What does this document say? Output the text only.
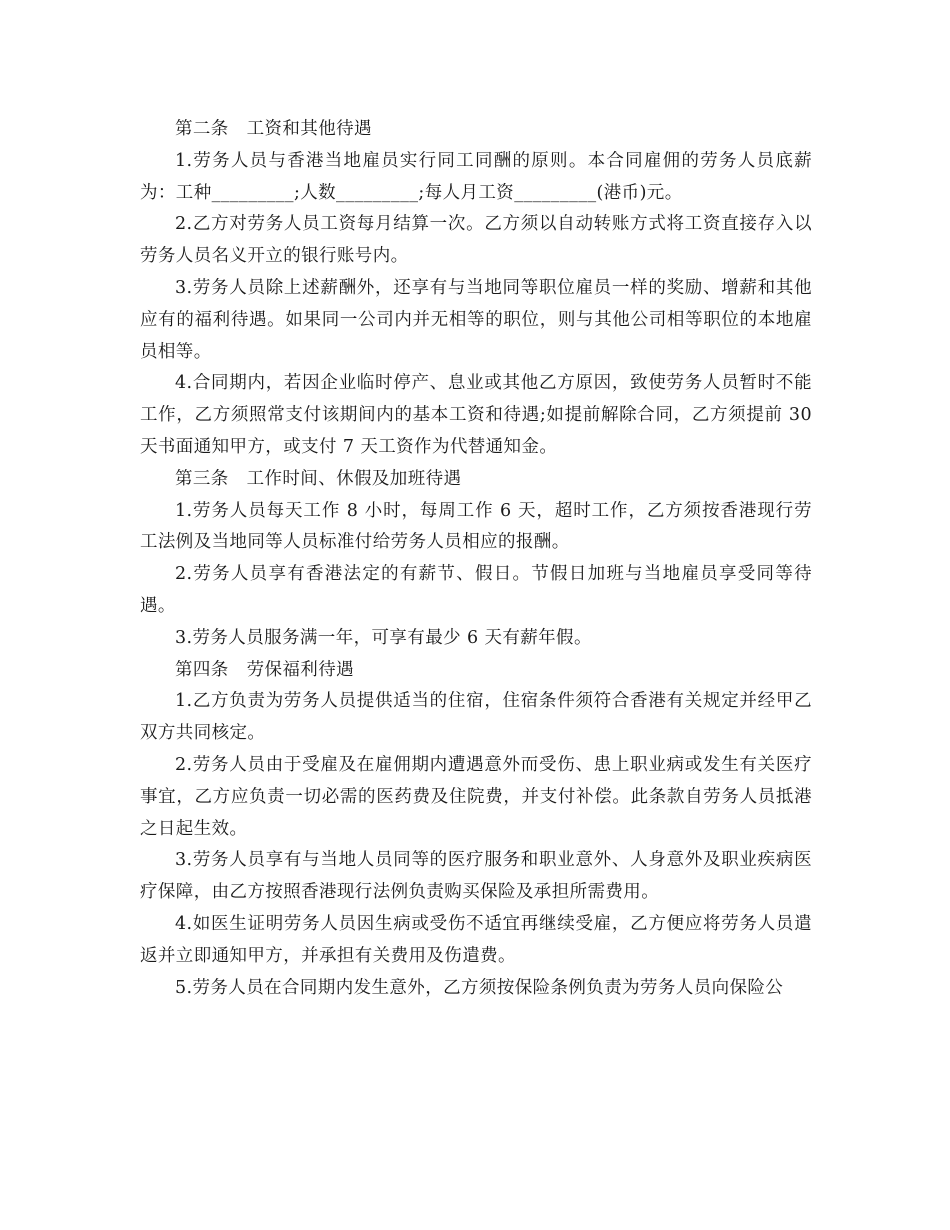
第二条　工资和其他待遇

1.劳务人员与香港当地雇员实行同工同酬的原则。本合同雇佣的劳务人员底薪为：工种_________;人数_________;每人月工资_________(港币)元。

2.乙方对劳务人员工资每月结算一次。乙方须以自动转账方式将工资直接存入以劳务人员名义开立的银行账号内。

3.劳务人员除上述薪酬外，还享有与当地同等职位雇员一样的奖励、增薪和其他应有的福利待遇。如果同一公司内并无相等的职位，则与其他公司相等职位的本地雇员相等。

4.合同期内，若因企业临时停产、息业或其他乙方原因，致使劳务人员暂时不能工作，乙方须照常支付该期间内的基本工资和待遇;如提前解除合同，乙方须提前 30 天书面通知甲方，或支付 7 天工资作为代替通知金。

第三条　工作时间、休假及加班待遇

1.劳务人员每天工作 8 小时，每周工作 6 天，超时工作，乙方须按香港现行劳工法例及当地同等人员标准付给劳务人员相应的报酬。

2.劳务人员享有香港法定的有薪节、假日。节假日加班与当地雇员享受同等待遇。

3.劳务人员服务满一年，可享有最少 6 天有薪年假。

第四条　劳保福利待遇

1.乙方负责为劳务人员提供适当的住宿，住宿条件须符合香港有关规定并经甲乙双方共同核定。

2.劳务人员由于受雇及在雇佣期内遭遇意外而受伤、患上职业病或发生有关医疗事宜，乙方应负责一切必需的医药费及住院费，并支付补偿。此条款自劳务人员抵港之日起生效。

3.劳务人员享有与当地人员同等的医疗服务和职业意外、人身意外及职业疾病医疗保障，由乙方按照香港现行法例负责购买保险及承担所需费用。

4.如医生证明劳务人员因生病或受伤不适宜再继续受雇，乙方便应将劳务人员遣返并立即通知甲方，并承担有关费用及伤遣费。

5.劳务人员在合同期内发生意外，乙方须按保险条例负责为劳务人员向保险公
